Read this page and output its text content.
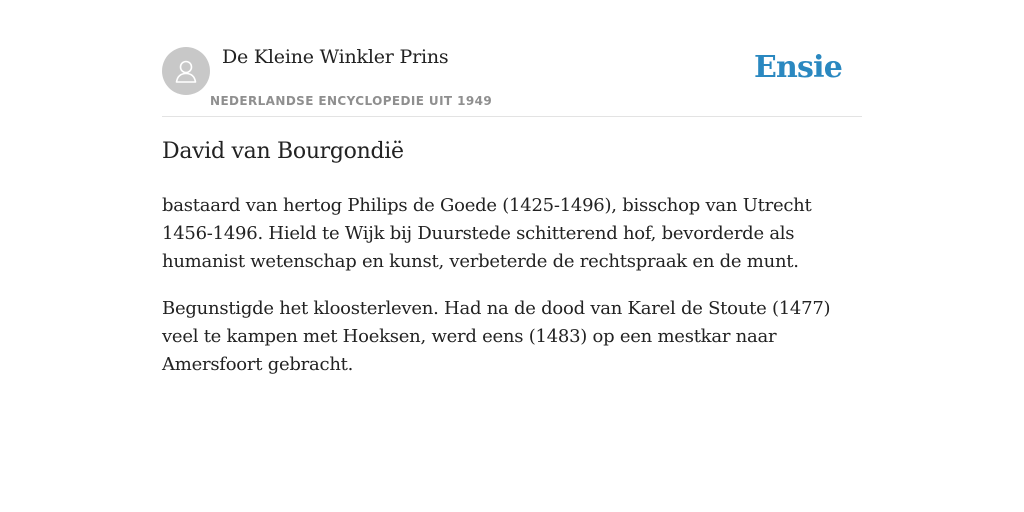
De Kleine Winkler Prins
NEDERLANDSE ENCYCLOPEDIE UIT 1949
Ensie
David van Bourgondië

bastaard van hertog Philips de Goede (1425-1496), bisschop van Utrecht 1456-1496. Hield te Wijk bij Duurstede schitterend hof, bevorderde als humanist wetenschap en kunst, verbeterde de rechtspraak en de munt.

Begunstigde het kloosterleven. Had na de dood van Karel de Stoute (1477) veel te kampen met Hoeksen, werd eens (1483) op een mestkar naar Amersfoort gebracht.
